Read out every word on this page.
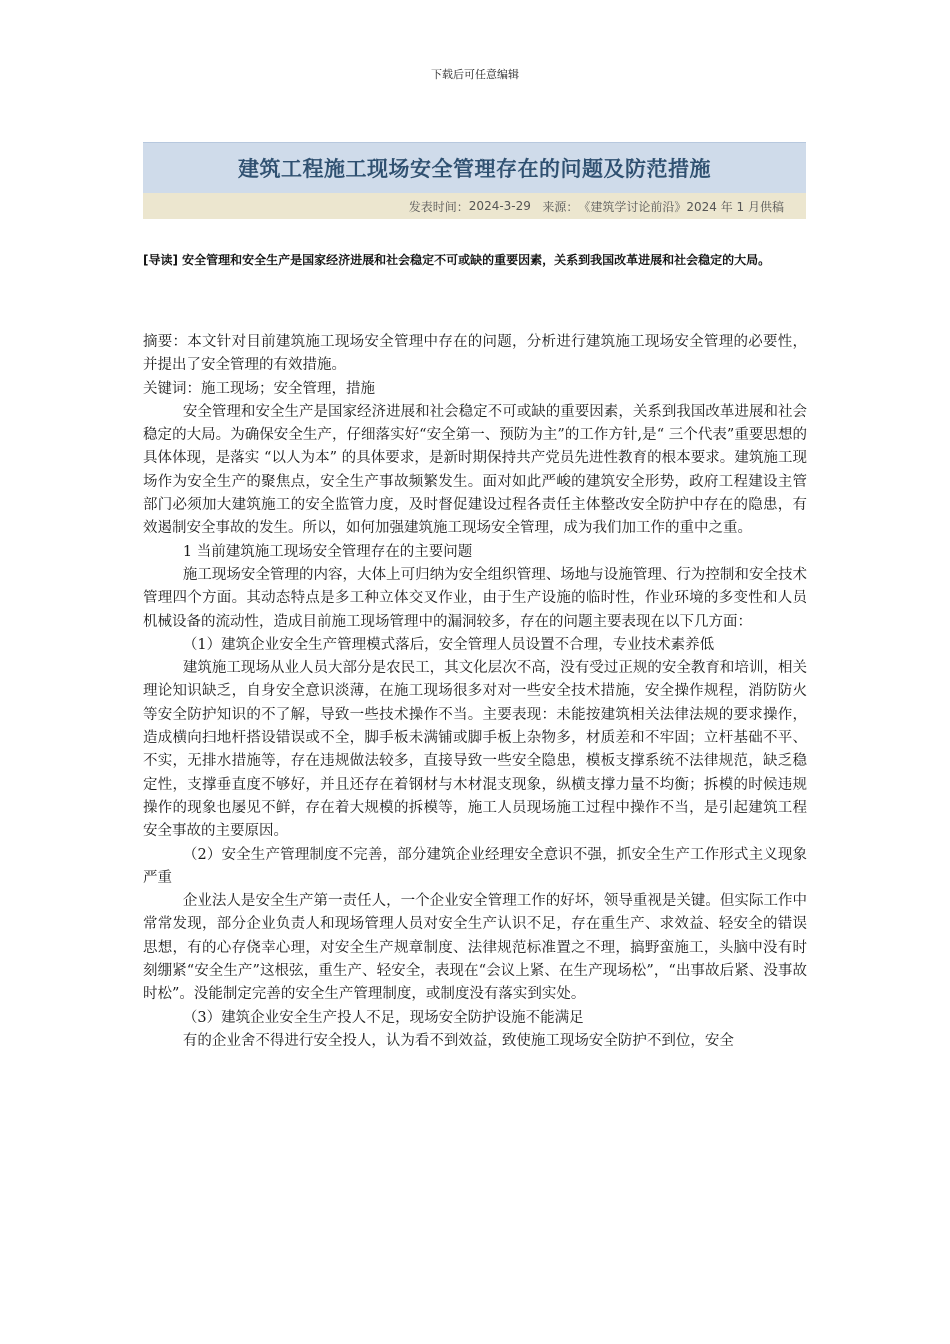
下载后可任意编辑
建筑工程施工现场安全管理存在的问题及防范措施
发表时间： 2024-3-29
来源： 《建筑学讨论前沿》2024 年 1 月供稿
[导读] 安全管理和安全生产是国家经济进展和社会稳定不可或缺的重要因素，关系到我国改革进展和社会稳定的大局。

摘要：本文针对目前建筑施工现场安全管理中存在的问题，分析进行建筑施工现场安全管理的必要性，并提出了安全管理的有效措施。

关键词：施工现场；安全管理，措施

安全管理和安全生产是国家经济进展和社会稳定不可或缺的重要因素，关系到我国改革进展和社会稳定的大局。为确保安全生产，仔细落实好“安全第一、预防为主”的工作方针,是“ 三个代表”重要思想的具体体现，是落实 “以人为本” 的具体要求，是新时期保持共产党员先进性教育的根本要求。建筑施工现场作为安全生产的聚焦点，安全生产事故频繁发生。面对如此严峻的建筑安全形势，政府工程建设主管部门必须加大建筑施工的安全监管力度，及时督促建设过程各责任主体整改安全防护中存在的隐患，有效遏制安全事故的发生。所以，如何加强建筑施工现场安全管理，成为我们加工作的重中之重。

1 当前建筑施工现场安全管理存在的主要问题

施工现场安全管理的内容，大体上可归纳为安全组织管理、场地与设施管理、行为控制和安全技术管理四个方面。其动态特点是多工种立体交叉作业，由于生产设施的临时性，作业环境的多变性和人员机械设备的流动性，造成目前施工现场管理中的漏洞较多，存在的问题主要表现在以下几方面：

（1）建筑企业安全生产管理模式落后，安全管理人员设置不合理，专业技术素养低

建筑施工现场从业人员大部分是农民工，其文化层次不高，没有受过正规的安全教育和培训，相关理论知识缺乏，自身安全意识淡薄，在施工现场很多对对一些安全技术措施，安全操作规程，消防防火等安全防护知识的不了解，导致一些技术操作不当。主要表现：未能按建筑相关法律法规的要求操作，造成横向扫地杆搭设错误或不全，脚手板未满铺或脚手板上杂物多，材质差和不牢固；立杆基础不平、不实，无排水措施等，存在违规做法较多，直接导致一些安全隐患，模板支撑系统不法律规范，缺乏稳定性，支撑垂直度不够好，并且还存在着钢材与木材混支现象，纵横支撑力量不均衡；拆模的时候违规操作的现象也屡见不鲜，存在着大规模的拆模等，施工人员现场施工过程中操作不当，是引起建筑工程安全事故的主要原因。

（2）安全生产管理制度不完善，部分建筑企业经理安全意识不强，抓安全生产工作形式主义现象严重

企业法人是安全生产第一责任人，一个企业安全管理工作的好坏，领导重视是关键。但实际工作中常常发现，部分企业负责人和现场管理人员对安全生产认识不足，存在重生产、求效益、轻安全的错误思想，有的心存侥幸心理，对安全生产规章制度、法律规范标准置之不理，搞野蛮施工，头脑中没有时刻绷紧“安全生产”这根弦，重生产、轻安全，表现在“会议上紧、在生产现场松”，“出事故后紧、没事故时松”。没能制定完善的安全生产管理制度，或制度没有落实到实处。

（3）建筑企业安全生产投人不足，现场安全防护设施不能满足

有的企业舍不得进行安全投人，认为看不到效益，致使施工现场安全防护不到位，安全
